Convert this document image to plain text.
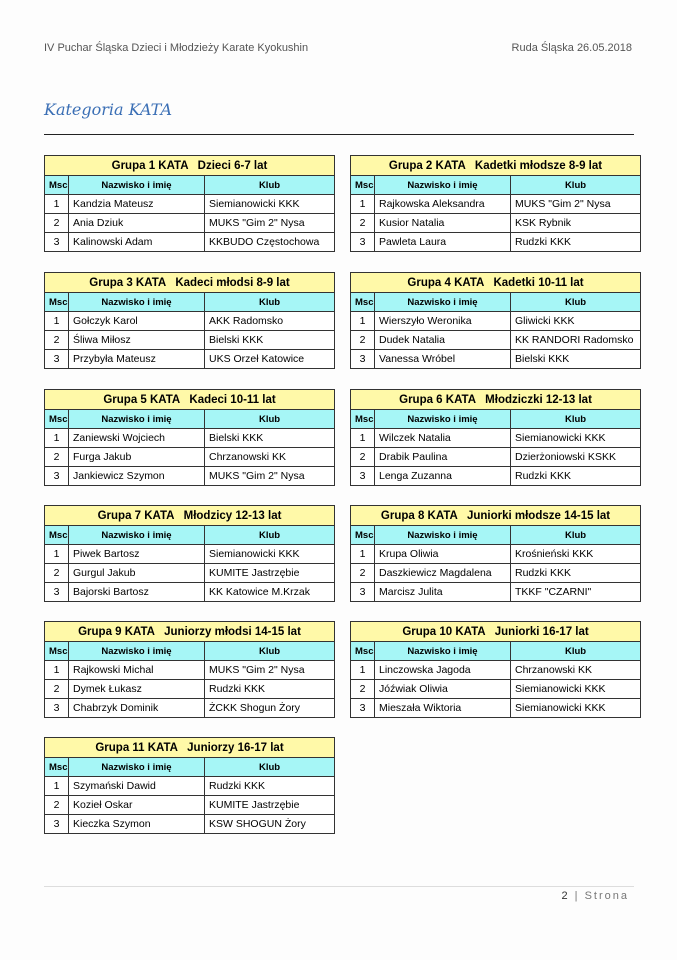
IV Puchar Śląska Dzieci i Młodzieży Karate Kyokushin	Ruda Śląska 26.05.2018
Kategoria KATA
Grupa 1 KATA   Dzieci 6-7 lat		
Msc	Nazwisko i imię	Klub
1	Kandzia Mateusz	Siemianowicki KKK
2	Ania Dziuk	MUKS "Gim 2" Nysa
3	Kalinowski Adam	KKBUDO Częstochowa
Grupa 2 KATA   Kadetki młodsze 8-9 lat		
Msc	Nazwisko i imię	Klub
1	Rajkowska Aleksandra	MUKS "Gim 2" Nysa
2	Kusior Natalia	KSK Rybnik
3	Pawleta Laura	Rudzki KKK
Grupa 3 KATA   Kadeci młodsi 8-9 lat		
Msc	Nazwisko i imię	Klub
1	Gołczyk Karol	AKK Radomsko
2	Śliwa Miłosz	Bielski KKK
3	Przybyła Mateusz	UKS Orzeł Katowice
Grupa 4 KATA   Kadetki 10-11 lat		
Msc	Nazwisko i imię	Klub
1	Wierszyło Weronika	Gliwicki KKK
2	Dudek Natalia	KK RANDORI Radomsko
3	Vanessa Wróbel	Bielski KKK
Grupa 5 KATA   Kadeci 10-11 lat		
Msc	Nazwisko i imię	Klub
1	Zaniewski Wojciech	Bielski KKK
2	Furga Jakub	Chrzanowski KK
3	Jankiewicz Szymon	MUKS "Gim 2" Nysa
Grupa 6 KATA   Młodziczki 12-13 lat		
Msc	Nazwisko i imię	Klub
1	Wilczek Natalia	Siemianowicki KKK
2	Drabik Paulina	Dzierżoniowski KSKK
3	Lenga Zuzanna	Rudzki KKK
Grupa 7 KATA   Młodzicy 12-13 lat		
Msc	Nazwisko i imię	Klub
1	Piwek Bartosz	Siemianowicki KKK
2	Gurgul Jakub	KUMITE Jastrzębie
3	Bajorski Bartosz	KK Katowice M.Krzak
Grupa 8 KATA   Juniorki młodsze 14-15 lat		
Msc	Nazwisko i imię	Klub
1	Krupa Oliwia	Krośnieński KKK
2	Daszkiewicz Magdalena	Rudzki KKK
3	Marcisz Julita	TKKF "CZARNI"
Grupa 9 KATA   Juniorzy młodsi 14-15 lat		
Msc	Nazwisko i imię	Klub
1	Rajkowski Michal	MUKS "Gim 2" Nysa
2	Dymek Łukasz	Rudzki KKK
3	Chabrzyk Dominik	ŻCKK Shogun Żory
Grupa 10 KATA   Juniorki 16-17 lat		
Msc	Nazwisko i imię	Klub
1	Linczowska Jagoda	Chrzanowski KK
2	Jóźwiak Oliwia	Siemianowicki KKK
3	Mieszała Wiktoria	Siemianowicki KKK
Grupa 11 KATA   Juniorzy 16-17 lat		
Msc	Nazwisko i imię	Klub
1	Szymański Dawid	Rudzki KKK
2	Kozieł Oskar	KUMITE Jastrzębie
3	Kieczka Szymon	KSW SHOGUN Żory
2 | Strona
